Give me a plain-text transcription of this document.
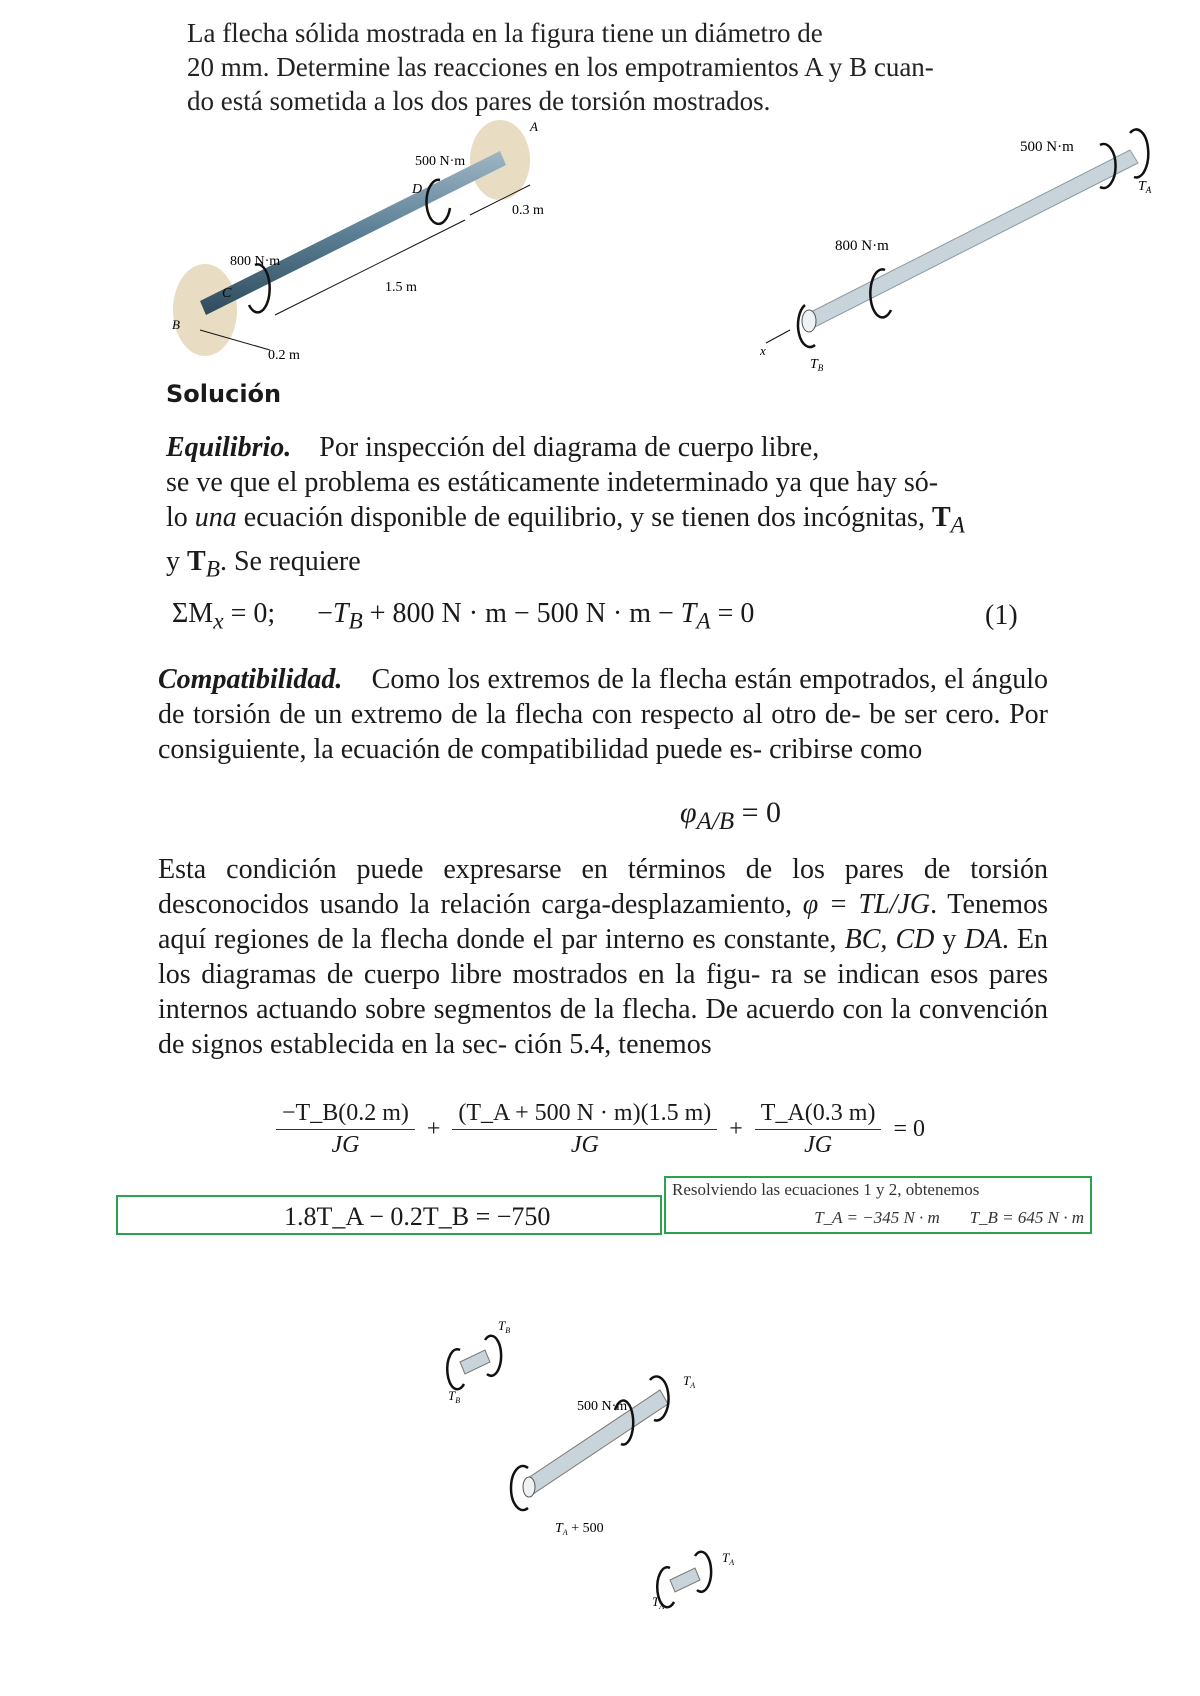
La flecha sólida mostrada en la figura tiene un diámetro de
20 mm. Determine las reacciones en los empotramientos A y B cuan-
do está sometida a los dos pares de torsión mostrados.
500 N·m
A
D
0.3 m
800 N·m
C	1.5 m
B
0.2 m
500 N·m
$T_A$
800 N·m
x
$T_B$
Solución
Equilibrio. Por inspección del diagrama de cuerpo libre,
se ve que el problema es estáticamente indeterminado ya que hay só-
lo una ecuación disponible de equilibrio, y se tienen dos incógnitas, $T_A$
y $T_B$. Se requiere
$\Sigma M_x = 0$;      $-T_B + 800$ N · m − 500 $N \cdot m - T_A = 0$	(1)
Compatibilidad. Como los extremos de la flecha están empotrados, el ángulo de torsión de un extremo de la flecha con respecto al otro de- be ser cero. Por consiguiente, la ecuación de compatibilidad puede es- cribirse como
$\varphi_{A/B} = 0$
Esta condición puede expresarse en términos de los pares de torsión desconocidos usando la relación carga-desplazamiento, φ = TL/JG. Tenemos aquí regiones de la flecha donde el par interno es constante, BC, CD y DA. En los diagramas de cuerpo libre mostrados en la figu- ra se indican esos pares internos actuando sobre segmentos de la flecha. De acuerdo con la convención de signos establecida en la sec- ción 5.4, tenemos
$\frac{-T\_B(0.2 m)}{JG} + \frac{(T\_A + 500 N \cdot m)(1.5 m)}{JG} + \frac{T\_A(0.3 m)}{JG} = 0$
1.8T_A − 0.2T_B = −750
Resolviendo las ecuaciones 1 y 2, obtenemos
T_A = −345 N · m T_B = 645 N · m
$T_B$
$T_B$	500 N·m
$T_A$
$T_A + 500$
$T_A$
$T_A$
